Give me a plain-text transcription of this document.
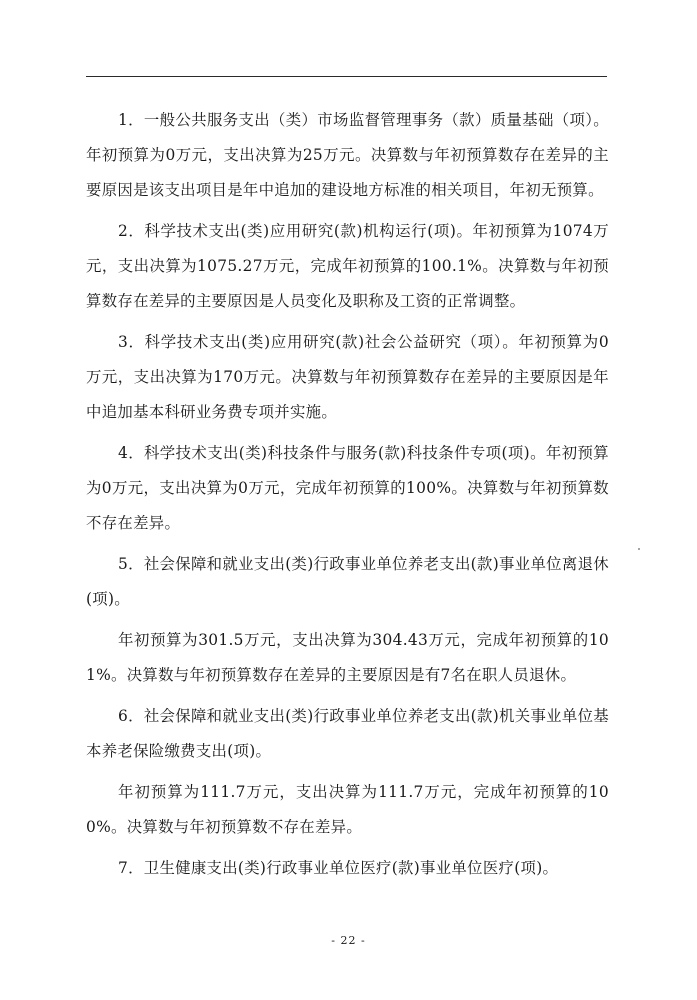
1．一般公共服务支出（类）市场监督管理事务（款）质量基础（项）。年初预算为0万元，支出决算为25万元。决算数与年初预算数存在差异的主要原因是该支出项目是年中追加的建设地方标准的相关项目，年初无预算。

2．科学技术支出(类)应用研究(款)机构运行(项)。年初预算为1074万元，支出决算为1075.27万元，完成年初预算的100.1%。决算数与年初预算数存在差异的主要原因是人员变化及职称及工资的正常调整。

3．科学技术支出(类)应用研究(款)社会公益研究（项）。年初预算为0万元，支出决算为170万元。决算数与年初预算数存在差异的主要原因是年中追加基本科研业务费专项并实施。

4．科学技术支出(类)科技条件与服务(款)科技条件专项(项)。年初预算为0万元，支出决算为0万元，完成年初预算的100%。决算数与年初预算数不存在差异。

5．社会保障和就业支出(类)行政事业单位养老支出(款)事业单位离退休(项)。

年初预算为301.5万元，支出决算为304.43万元，完成年初预算的101%。决算数与年初预算数存在差异的主要原因是有7名在职人员退休。

6．社会保障和就业支出(类)行政事业单位养老支出(款)机关事业单位基本养老保险缴费支出(项)。

年初预算为111.7万元，支出决算为111.7万元，完成年初预算的100%。决算数与年初预算数不存在差异。

7．卫生健康支出(类)行政事业单位医疗(款)事业单位医疗(项)。

- 22 -
